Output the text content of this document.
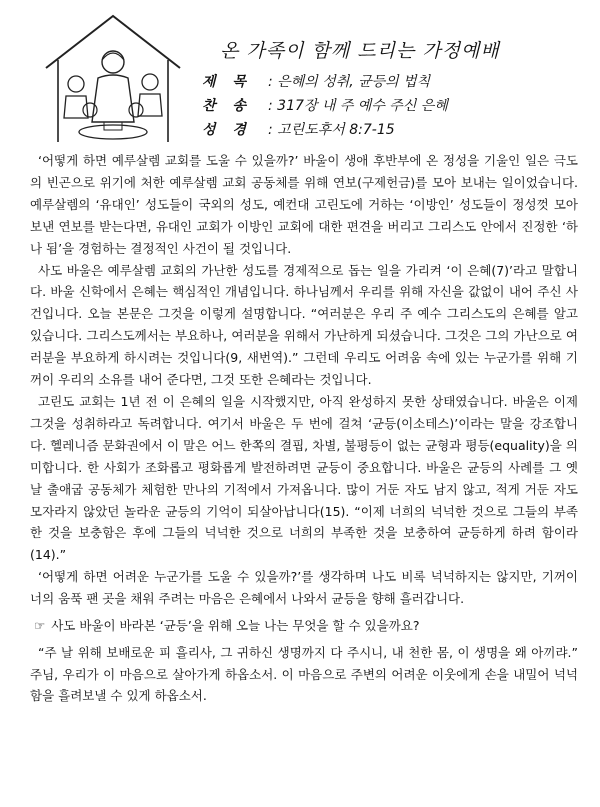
온 가족이 함께 드리는 가정예배
제 목	: 은혜의 성취, 균등의 법칙
찬 송	: 317장 내 주 예수 주신 은혜
성 경	: 고린도후서 8:7-15

‘어떻게 하면 예루살렘 교회를 도울 수 있을까?’ 바울이 생애 후반부에 온 정성을 기울인 일은 극도의 빈곤으로 위기에 처한 예루살렘 교회 공동체를 위해 연보(구제헌금)를 모아 보내는 일이었습니다. 예루살렘의 ‘유대인’ 성도들이 국외의 성도, 예컨대 고린도에 거하는 ‘이방인’ 성도들이 정성껏 모아 보낸 연보를 받는다면, 유대인 교회가 이방인 교회에 대한 편견을 버리고 그리스도 안에서 진정한 ‘하나 됨’을 경험하는 결정적인 사건이 될 것입니다.

사도 바울은 예루살렘 교회의 가난한 성도를 경제적으로 돕는 일을 가리켜 ‘이 은혜(7)’라고 말합니다. 바울 신학에서 은혜는 핵심적인 개념입니다. 하나님께서 우리를 위해 자신을 값없이 내어 주신 사건입니다. 오늘 본문은 그것을 이렇게 설명합니다. “여러분은 우리 주 예수 그리스도의 은혜를 알고 있습니다. 그리스도께서는 부요하나, 여러분을 위해서 가난하게 되셨습니다. 그것은 그의 가난으로 여러분을 부요하게 하시려는 것입니다(9, 새번역).” 그런데 우리도 어려움 속에 있는 누군가를 위해 기꺼이 우리의 소유를 내어 준다면, 그것 또한 은혜라는 것입니다.

고린도 교회는 1년 전 이 은혜의 일을 시작했지만, 아직 완성하지 못한 상태였습니다. 바울은 이제 그것을 성취하라고 독려합니다. 여기서 바울은 두 번에 걸쳐 ‘균등(이소테스)’이라는 말을 강조합니다. 헬레니즘 문화권에서 이 말은 어느 한쪽의 결핍, 차별, 불평등이 없는 균형과 평등(equality)을 의미합니다. 한 사회가 조화롭고 평화롭게 발전하려면 균등이 중요합니다. 바울은 균등의 사례를 그 옛날 출애굽 공동체가 체험한 만나의 기적에서 가져옵니다. 많이 거둔 자도 남지 않고, 적게 거둔 자도 모자라지 않았던 놀라운 균등의 기억이 되살아납니다(15). “이제 너희의 넉넉한 것으로 그들의 부족한 것을 보충함은 후에 그들의 넉넉한 것으로 너희의 부족한 것을 보충하여 균등하게 하려 함이라(14).”

‘어떻게 하면 어려운 누군가를 도울 수 있을까?’를 생각하며 나도 비록 넉넉하지는 않지만, 기꺼이 너의 움푹 팬 곳을 채워 주려는 마음은 은혜에서 나와서 균등을 향해 흘러갑니다.

☞ 사도 바울이 바라본 ‘균등’을 위해 오늘 나는 무엇을 할 수 있을까요?
“주 날 위해 보배로운 피 흘리사, 그 귀하신 생명까지 다 주시니, 내 천한 몸, 이 생명을 왜 아끼랴.” 주님, 우리가 이 마음으로 살아가게 하옵소서. 이 마음으로 주변의 어려운 이웃에게 손을 내밀어 넉넉함을 흘려보낼 수 있게 하옵소서.
